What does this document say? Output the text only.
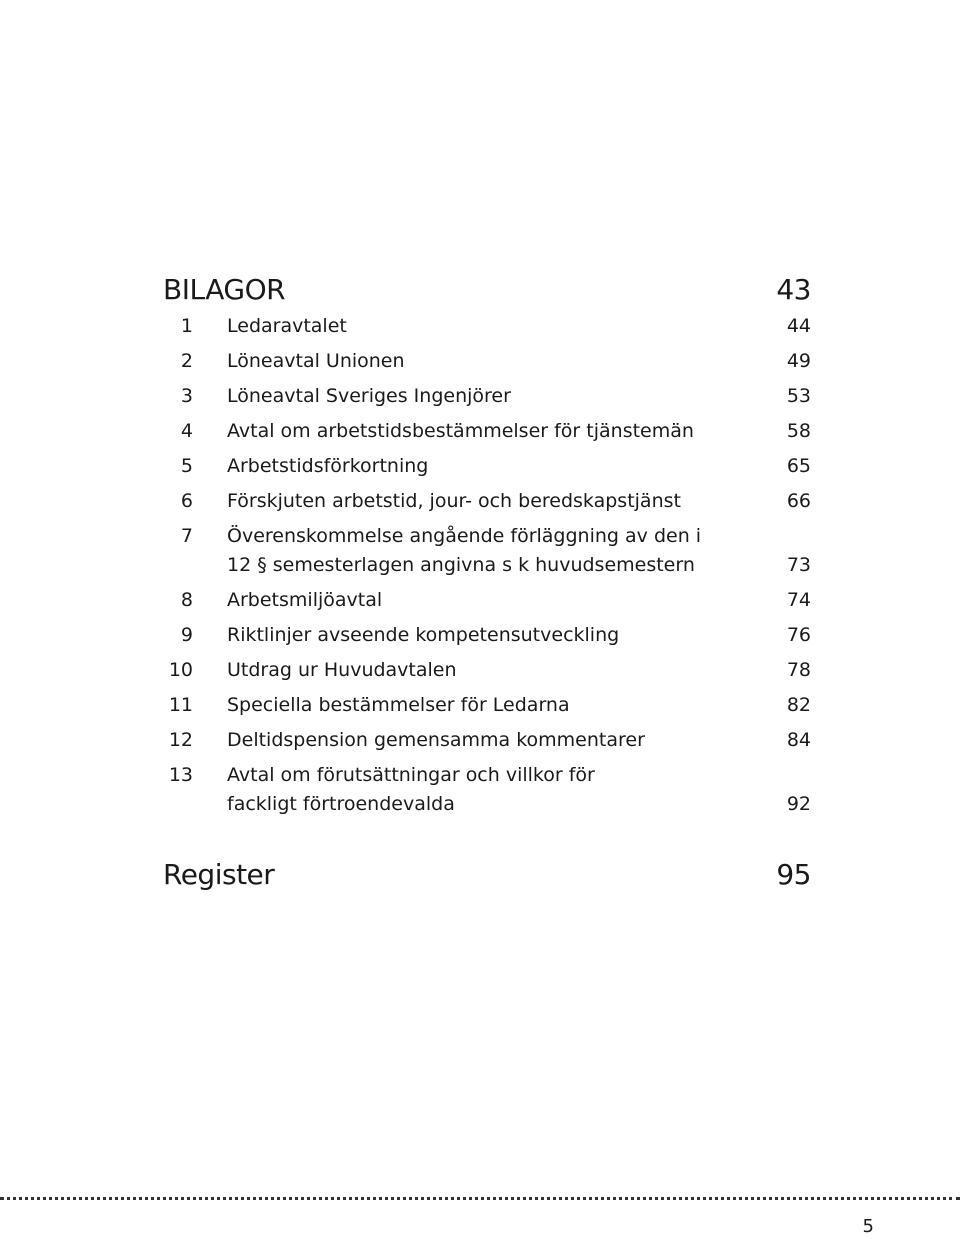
BILAGOR	43
1 Ledaravtalet	44
2 Löneavtal Unionen	49
3 Löneavtal Sveriges Ingenjörer	53
4 Avtal om arbetstidsbestämmelser för tjänstemän	58
5 Arbetstidsförkortning	65
6 Förskjuten arbetstid, jour- och beredskapstjänst	66
7 Överenskommelse angående förläggning av den i
12 § semesterlagen angivna s k huvudsemestern	73
8 Arbetsmiljöavtal	74
9 Riktlinjer avseende kompetensutveckling	76
10 Utdrag ur Huvudavtalen	78
11 Speciella bestämmelser för Ledarna	82
12 Deltidspension gemensamma kommentarer	84
13 Avtal om förutsättningar och villkor för
fackligt förtroendevalda	92
Register	95
5
